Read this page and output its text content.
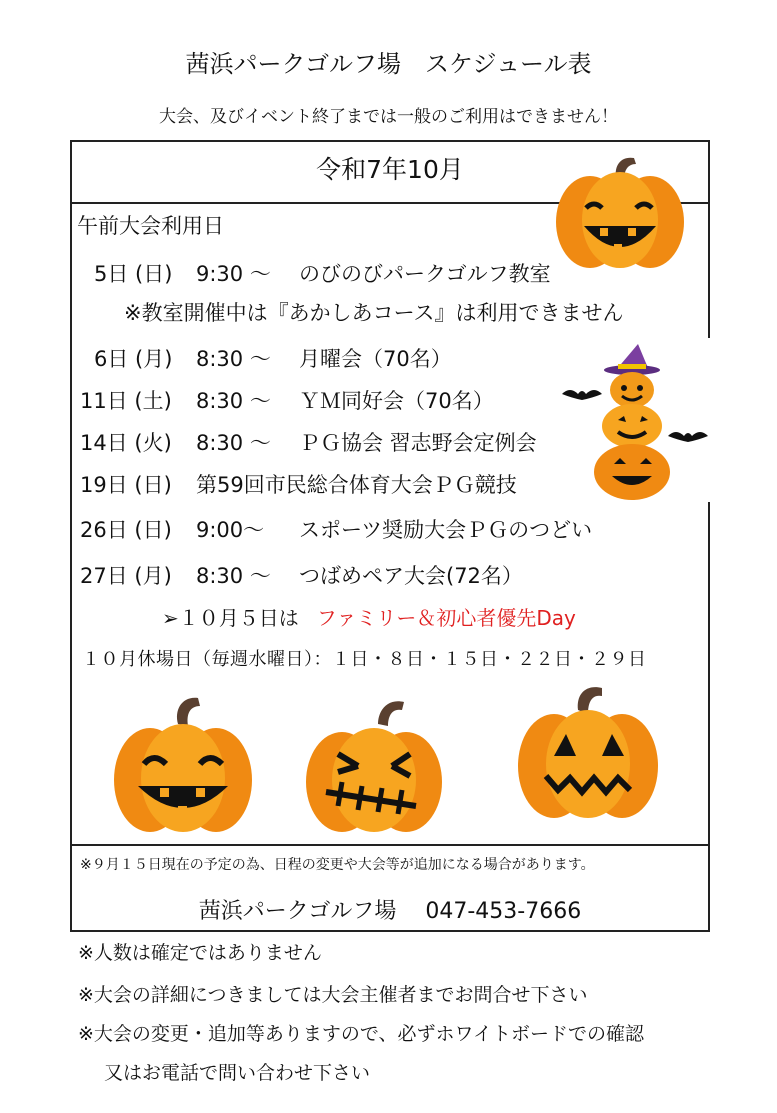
茜浜パークゴルフ場　スケジュール表
大会、及びイベント終了までは一般のご利用はできません！
令和7年10月
午前大会利用日
5日 (日) 9:30 ～ のびのびパークゴルフ教室
※教室開催中は『あかしあコース』は利用できません
6日 (月) 8:30 ～ 月曜会（70名）
11日 (土) 8:30 ～ ＹＭ同好会（70名）
14日 (火) 8:30 ～ ＰＧ協会 習志野会定例会
19日 (日) 第59回市民総合体育大会ＰＧ競技
26日 (日) 9:00～ スポーツ奨励大会ＰＧのつどい
27日 (月) 8:30 ～ つばめペア大会(72名）
➢１０月５日は ファミリー＆初心者優先Day
１０月休場日（毎週水曜日）：１日・８日・１５日・２２日・２９日
※９月１５日現在の予定の為、日程の変更や大会等が追加になる場合があります。
茜浜パークゴルフ場　 047-453-7666
※人数は確定ではありません
※大会の詳細につきましては大会主催者までお問合せ下さい
※大会の変更・追加等ありますので、必ずホワイトボードでの確認
又はお電話で問い合わせ下さい
